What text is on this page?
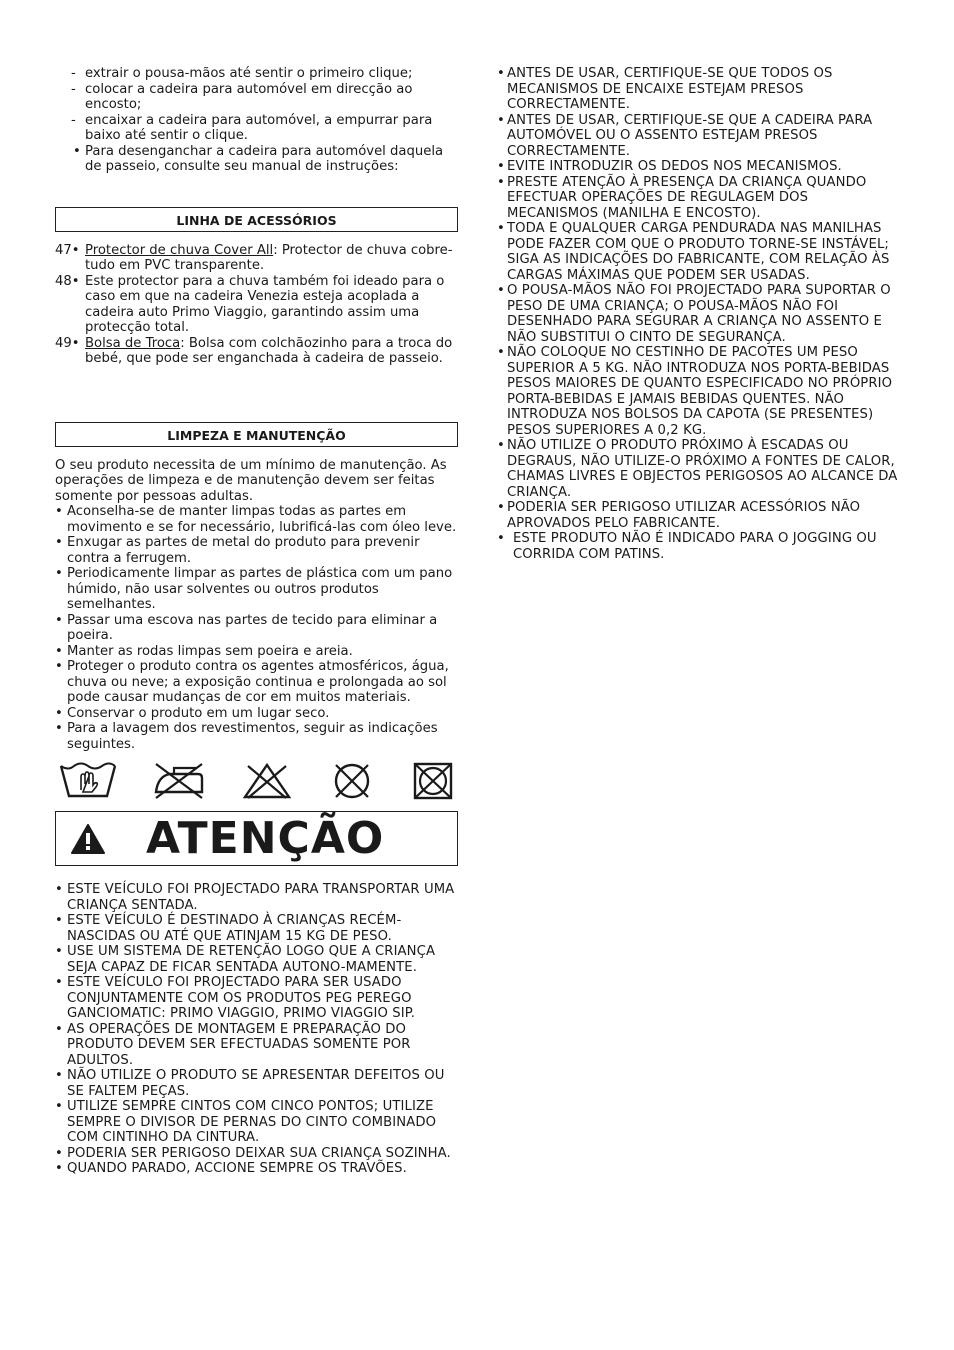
- extrair o pousa-mãos até sentir o primeiro clique;
- colocar a cadeira para automóvel em direcção ao encosto;
- encaixar a cadeira para automóvel, a empurrar para baixo até sentir o clique.
• Para desenganchar a cadeira para automóvel daquela de passeio, consulte seu manual de instruções:
LINHA DE ACESSÓRIOS
47• Protector de chuva Cover All: Protector de chuva cobre-tudo em PVC transparente.
48• Este protector para a chuva também foi ideado para o caso em que na cadeira Venezia esteja acoplada a cadeira auto Primo Viaggio, garantindo assim uma protecção total.
49• Bolsa de Troca: Bolsa com colchãozinho para a troca do bebé, que pode ser enganchada à cadeira de passeio.
LIMPEZA E MANUTENÇÃO

O seu produto necessita de um mínimo de manutenção. As operações de limpeza e de manutenção devem ser feitas somente por pessoas adultas.

• Aconselha-se de manter limpas todas as partes em movimento e se for necessário, lubrificá-las com óleo leve.
• Enxugar as partes de metal do produto para prevenir contra a ferrugem.
• Periodicamente limpar as partes de plástica com um pano húmido, não usar solventes ou outros produtos semelhantes.
• Passar uma escova nas partes de tecido para eliminar a poeira.
• Manter as rodas limpas sem poeira e areia.
• Proteger o produto contra os agentes atmosféricos, água, chuva ou neve; a exposição continua e prolongada ao sol pode causar mudanças de cor em muitos materiais.
• Conservar o produto em um lugar seco.
• Para a lavagem dos revestimentos, seguir as indicações seguintes.
ATENÇÃO
• ESTE VEÍCULO FOI PROJECTADO PARA TRANSPORTAR UMA CRIANÇA SENTADA.
• ESTE VEÍCULO É DESTINADO À CRIANÇAS RECÉM-NASCIDAS OU ATÉ QUE ATINJAM 15 KG DE PESO.
• USE UM SISTEMA DE RETENÇÃO LOGO QUE A CRIANÇA SEJA CAPAZ DE FICAR SENTADA AUTONO-MAMENTE.
• ESTE VEÍCULO FOI PROJECTADO PARA SER USADO CONJUNTAMENTE COM OS PRODUTOS PEG PEREGO GANCIOMATIC: PRIMO VIAGGIO, PRIMO VIAGGIO SIP.
• AS OPERAÇÕES DE MONTAGEM E PREPARAÇÃO DO PRODUTO DEVEM SER EFECTUADAS SOMENTE POR ADULTOS.
• NÃO UTILIZE O PRODUTO SE APRESENTAR DEFEITOS OU SE FALTEM PEÇAS.
• UTILIZE SEMPRE CINTOS COM CINCO PONTOS; UTILIZE SEMPRE O DIVISOR DE PERNAS DO CINTO COMBINADO COM CINTINHO DA CINTURA.
• PODERIA SER PERIGOSO DEIXAR SUA CRIANÇA SOZINHA.
• QUANDO PARADO, ACCIONE SEMPRE OS TRAVÕES.
• ANTES DE USAR, CERTIFIQUE-SE QUE TODOS OS MECANISMOS DE ENCAIXE ESTEJAM PRESOS CORRECTAMENTE.
• ANTES DE USAR, CERTIFIQUE-SE QUE A CADEIRA PARA AUTOMÓVEL OU O ASSENTO ESTEJAM PRESOS CORRECTAMENTE.
• EVITE INTRODUZIR OS DEDOS NOS MECANISMOS.
• PRESTE ATENÇÃO À PRESENÇA DA CRIANÇA QUANDO EFECTUAR OPERAÇÕES DE REGULAGEM DOS MECANISMOS (MANILHA E ENCOSTO).
• TODA E QUALQUER CARGA PENDURADA NAS MANILHAS PODE FAZER COM QUE O PRODUTO TORNE-SE INSTÁVEL; SIGA AS INDICAÇÕES DO FABRICANTE, COM RELAÇÃO ÀS CARGAS MÁXIMAS QUE PODEM SER USADAS.
• O POUSA-MÃOS NÃO FOI PROJECTADO PARA SUPORTAR O PESO DE UMA CRIANÇA; O POUSA-MÃOS NÃO FOI DESENHADO PARA SEGURAR A CRIANÇA NO ASSENTO E NÃO SUBSTITUI O CINTO DE SEGURANÇA.
• NÃO COLOQUE NO CESTINHO DE PACOTES UM PESO SUPERIOR A 5 KG. NÃO INTRODUZA NOS PORTA-BEBIDAS PESOS MAIORES DE QUANTO ESPECIFICADO NO PRÓPRIO PORTA-BEBIDAS E JAMAIS BEBIDAS QUENTES. NÃO INTRODUZA NOS BOLSOS DA CAPOTA (SE PRESENTES) PESOS SUPERIORES A 0,2 KG.
• NÃO UTILIZE O PRODUTO PRÓXIMO À ESCADAS OU DEGRAUS, NÃO UTILIZE-O PRÓXIMO A FONTES DE CALOR, CHAMAS LIVRES E OBJECTOS PERIGOSOS AO ALCANCE DA CRIANÇA.
• PODERIA SER PERIGOSO UTILIZAR ACESSÓRIOS NÃO APROVADOS PELO FABRICANTE.
• ESTE PRODUTO NÃO É INDICADO PARA O JOGGING OU CORRIDA COM PATINS.
